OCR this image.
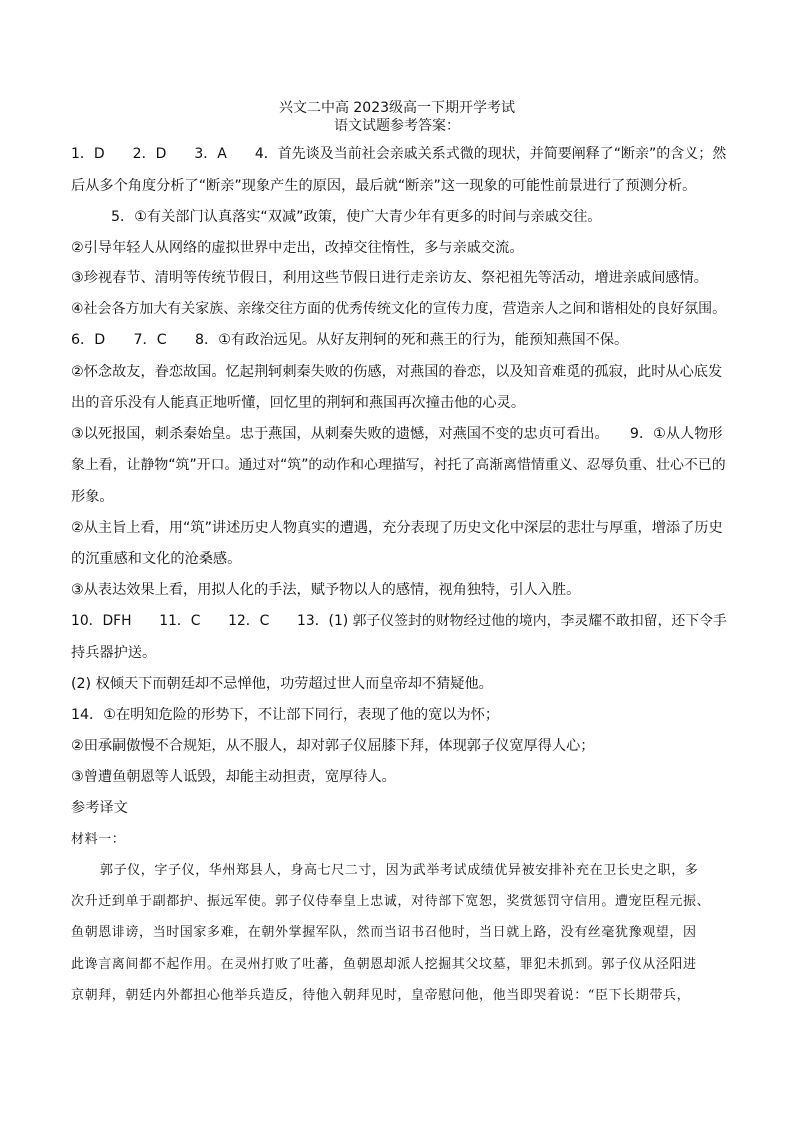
兴文二中高 2023级高一下期开学考试
语文试题参考答案：
1．D　　2．D　　3．A　　4．首先谈及当前社会亲戚关系式微的现状，并简要阐释了“断亲”的含义；然
后从多个角度分析了“断亲”现象产生的原因，最后就“断亲”这一现象的可能性前景进行了预测分析。
5．①有关部门认真落实“双减”政策，使广大青少年有更多的时间与亲戚交往。
②引导年轻人从网络的虚拟世界中走出，改掉交往惰性，多与亲戚交流。
③珍视春节、清明等传统节假日，利用这些节假日进行走亲访友、祭祀祖先等活动，增进亲戚间感情。
④社会各方加大有关家族、亲缘交往方面的优秀传统文化的宣传力度，营造亲人之间和谐相处的良好氛围。
6．D　　7．C　　8．①有政治远见。从好友荆轲的死和燕王的行为，能预知燕国不保。
②怀念故友，眷恋故国。忆起荆轲刺秦失败的伤感，对燕国的眷恋，以及知音难觅的孤寂，此时从心底发
出的音乐没有人能真正地听懂，回忆里的荆轲和燕国再次撞击他的心灵。
③以死报国，刺杀秦始皇。忠于燕国，从刺秦失败的遗憾，对燕国不变的忠贞可看出。　　9．①从人物形
象上看，让静物“筑”开口。通过对“筑”的动作和心理描写，衬托了高渐离惜情重义、忍辱负重、壮心不已的
形象。
②从主旨上看，用“筑”讲述历史人物真实的遭遇，充分表现了历史文化中深层的悲壮与厚重，增添了历史
的沉重感和文化的沧桑感。
③从表达效果上看，用拟人化的手法，赋予物以人的感情，视角独特，引人入胜。
10．DFH　　11．C　　12．C　　13．(1) 郭子仪签封的财物经过他的境内，李灵耀不敢扣留，还下令手
持兵器护送。
(2) 权倾天下而朝廷却不忌惮他，功劳超过世人而皇帝却不猜疑他。
14．①在明知危险的形势下，不让部下同行，表现了他的宽以为怀；
②田承嗣傲慢不合规矩，从不服人，却对郭子仪屈膝下拜，体现郭子仪宽厚得人心；
③曾遭鱼朝恩等人诋毁，却能主动担责，宽厚待人。
参考译文
材料一：
郭子仪，字子仪，华州郑县人，身高七尺二寸，因为武举考试成绩优异被安排补充在卫长史之职，多
次升迁到单于副都护、振远军使。郭子仪侍奉皇上忠诚，对待部下宽恕，奖赏惩罚守信用。遭宠臣程元振、
鱼朝恩诽谤，当时国家多难，在朝外掌握军队，然而当诏书召他时，当日就上路，没有丝毫犹豫观望，因
此谗言离间都不起作用。在灵州打败了吐蕃，鱼朝恩却派人挖掘其父坟墓，罪犯未抓到。郭子仪从泾阳进
京朝拜，朝廷内外都担心他举兵造反，待他入朝拜见时，皇帝慰问他，他当即哭着说：“臣下长期带兵，
